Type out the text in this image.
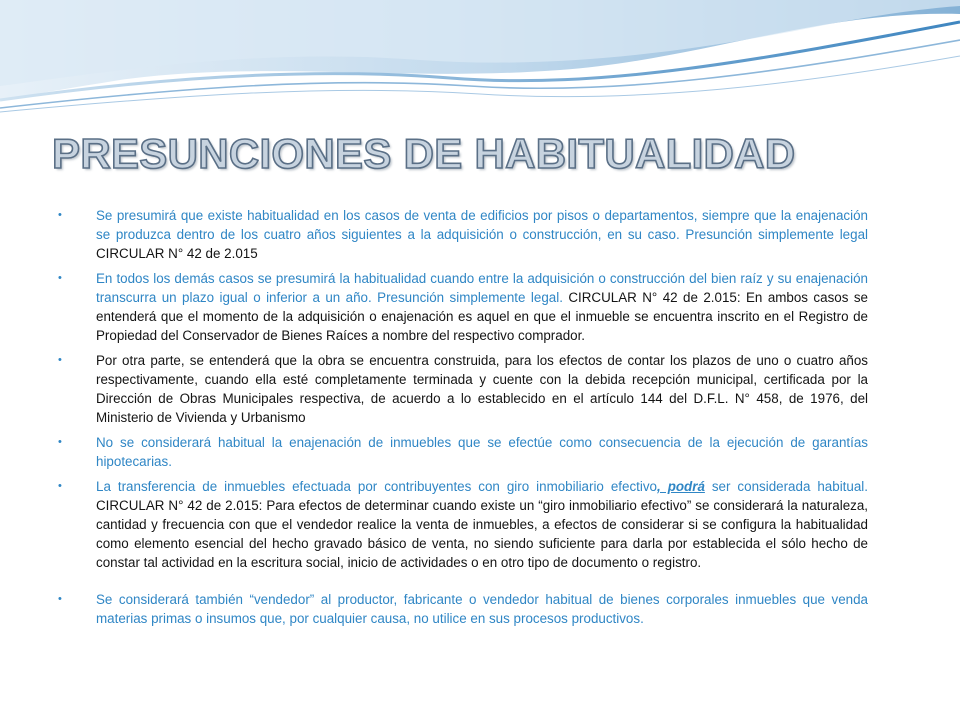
PRESUNCIONES DE HABITUALIDAD
• Se presumirá que existe habitualidad en los casos de venta de edificios por pisos o departamentos, siempre que la enajenación se produzca dentro de los cuatro años siguientes a la adquisición o construcción, en su caso. Presunción simplemente legal CIRCULAR N° 42 de 2.015
• En todos los demás casos se presumirá la habitualidad cuando entre la adquisición o construcción del bien raíz y su enajenación transcurra un plazo igual o inferior a un año. Presunción simplemente legal. CIRCULAR N° 42 de 2.015: En ambos casos se entenderá que el momento de la adquisición o enajenación es aquel en que el inmueble se encuentra inscrito en el Registro de Propiedad del Conservador de Bienes Raíces a nombre del respectivo comprador.
• Por otra parte, se entenderá que la obra se encuentra construida, para los efectos de contar los plazos de uno o cuatro años respectivamente, cuando ella esté completamente terminada y cuente con la debida recepción municipal, certificada por la Dirección de Obras Municipales respectiva, de acuerdo a lo establecido en el artículo 144 del D.F.L. N° 458, de 1976, del Ministerio de Vivienda y Urbanismo
• No se considerará habitual la enajenación de inmuebles que se efectúe como consecuencia de la ejecución de garantías hipotecarias.
• La transferencia de inmuebles efectuada por contribuyentes con giro inmobiliario efectivo, podrá ser considerada habitual. CIRCULAR N° 42 de 2.015: Para efectos de determinar cuando existe un “giro inmobiliario efectivo” se considerará la naturaleza, cantidad y frecuencia con que el vendedor realice la venta de inmuebles, a efectos de considerar si se configura la habitualidad como elemento esencial del hecho gravado básico de venta, no siendo suficiente para darla por establecida el sólo hecho de constar tal actividad en la escritura social, inicio de actividades o en otro tipo de documento o registro.
• Se considerará también “vendedor” al productor, fabricante o vendedor habitual de bienes corporales inmuebles que venda materias primas o insumos que, por cualquier causa, no utilice en sus procesos productivos.
